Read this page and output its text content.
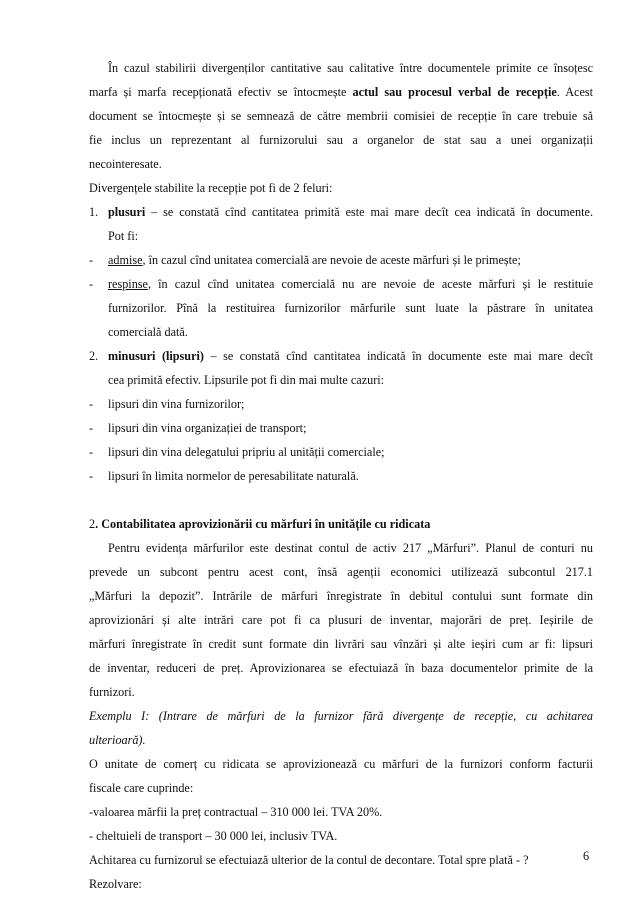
În cazul stabilirii divergenților cantitative sau calitative între documentele primite ce însoțesc
marfa și marfa recepționată efectiv se întocmește actul sau procesul verbal de recepție. Acest
document se întocmește și se semnează de către membrii comisiei de recepție în care trebuie să
fie inclus un reprezentant al furnizorului sau a organelor de stat sau a unei organizații
necointeresate.
Divergențele stabilite la recepție pot fi de 2 feluri:
1. plusuri – se constată cînd cantitatea primită este mai mare decît cea indicată în documente.
Pot fi:
-	admise, în cazul cînd unitatea comercială are nevoie de aceste mărfuri și le primește;
-	respinse, în cazul cînd unitatea comercială nu are nevoie de aceste mărfuri și le restituie
furnizorilor. Pînă la restituirea furnizorilor mărfurile sunt luate la păstrare în unitatea
comercială dată.
2. minusuri (lipsuri) – se constată cînd cantitatea indicată în documente este mai mare decît
cea primită efectiv. Lipsurile pot fi din mai multe cazuri:
-	lipsuri din vina furnizorilor;
-	lipsuri din vina organizației de transport;
-	lipsuri din vina delegatului pripriu al unității comerciale;
-	lipsuri în limita normelor de peresabilitate naturală.
2. Contabilitatea aprovizionării cu mărfuri în unitățile cu ridicata
Pentru evidența mărfurilor este destinat contul de activ 217 „Mărfuri”. Planul de conturi nu
prevede un subcont pentru acest cont, însă agenții economici utilizează subcontul 217.1
„Mărfuri la depozit”. Intrările de mărfuri înregistrate în debitul contului sunt formate din
aprovizionări și alte intrări care pot fi ca plusuri de inventar, majorări de preț. Ieșirile de
mărfuri înregistrate în credit sunt formate din livrări sau vînzări și alte ieșiri cum ar fi: lipsuri
de inventar, reduceri de preț. Aprovizionarea se efectuiază în baza documentelor primite de la
furnizori.
Exemplu I: (Intrare de mărfuri de la furnizor fără divergențe de recepție, cu achitarea
ulterioară).
O unitate de comerț cu ridicata se aprovizionează cu mărfuri de la furnizori conform facturii
fiscale care cuprinde:
-valoarea mărfii la preț contractual – 310 000 lei. TVA 20%.
- cheltuieli de transport – 30 000 lei, inclusiv TVA.
Achitarea cu furnizorul se efectuiază ulterior de la contul de decontare. Total spre plată - ?
Rezolvare:
6
